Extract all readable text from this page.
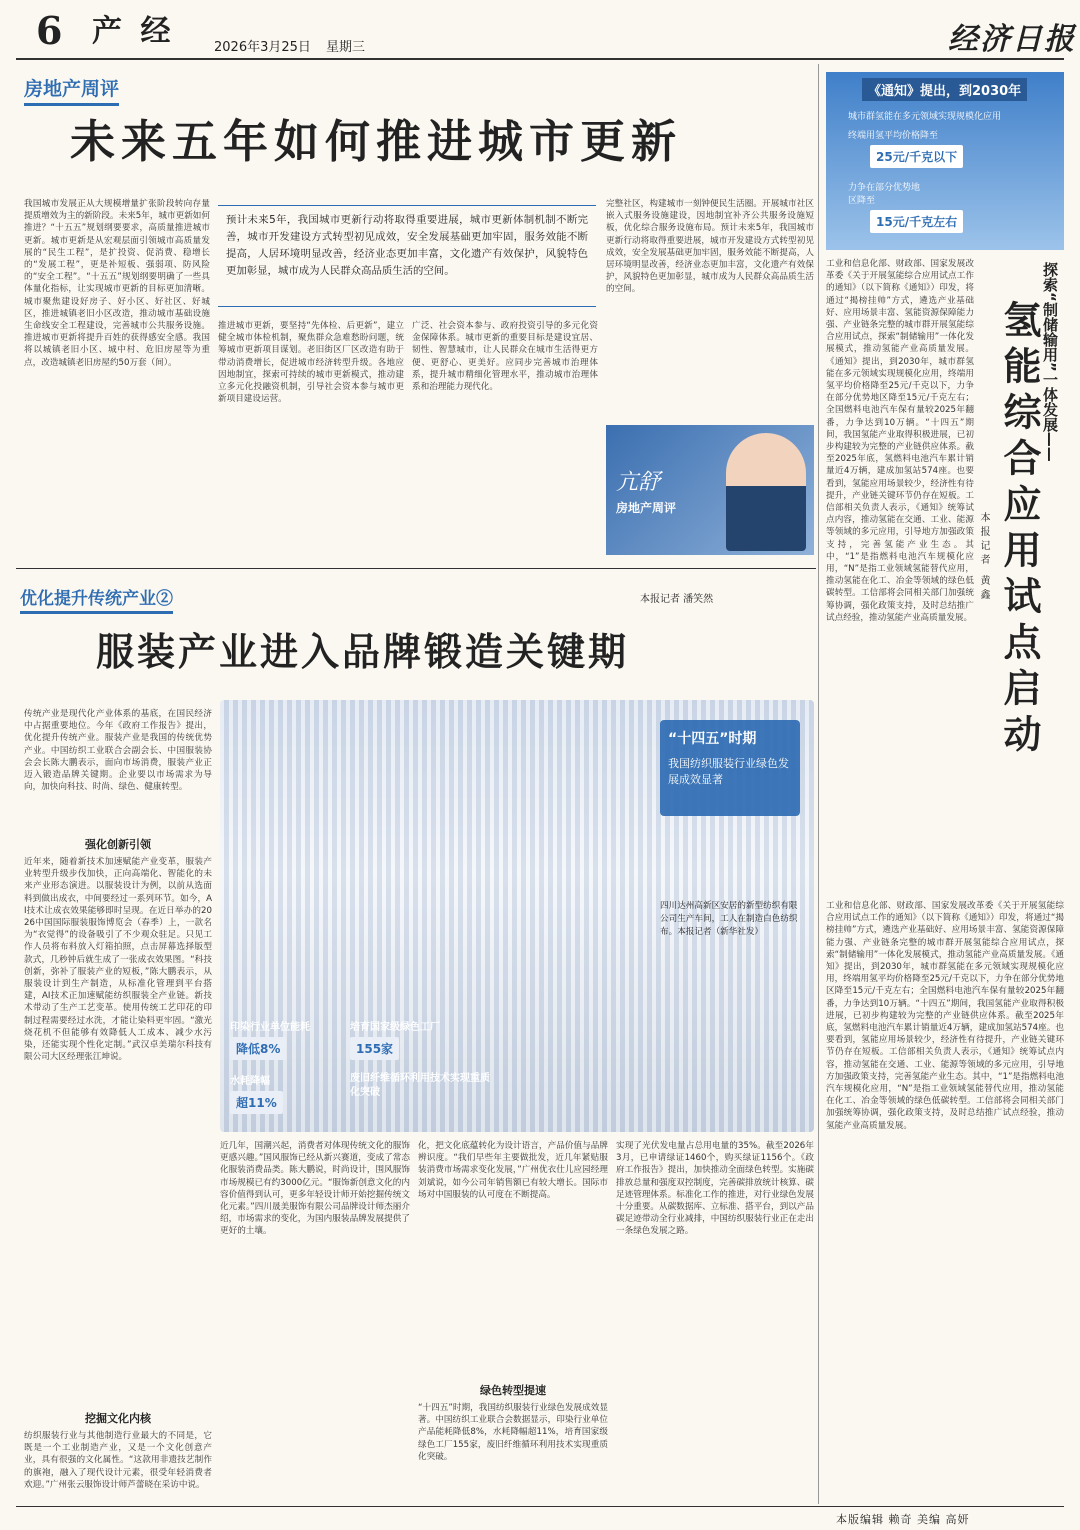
6 产 经	2026年3月25日 星期三	经济日报
房地产周评
未来五年如何推进城市更新
预计未来5年，我国城市更新行动将取得重要进展，城市更新体制机制不断完善，城市开发建设方式转型初见成效，安全发展基础更加牢固，服务效能不断提高，人居环境明显改善，经济业态更加丰富，文化遗产有效保护，风貌特色更加彰显，城市成为人民群众高品质生活的空间。
我国城市发展正从大规模增量扩张阶段转向存量提质增效为主的新阶段。未来5年，城市更新如何推进？“十五五”规划纲要要求，高质量推进城市更新。城市更新是从宏观层面引领城市高质量发展的“民生工程”，是扩投资、促消费、稳增长的“发展工程”，更是补短板、强弱项、防风险的“安全工程”。“十五五”规划纲要明确了一些具体量化指标，让实现城市更新的目标更加清晰。城市聚焦建设好房子、好小区、好社区、好城区，推进城镇老旧小区改造，推动城市基础设施生命线安全工程建设，完善城市公共服务设施。推进城市更新将提升百姓的获得感安全感。我国将以城镇老旧小区、城中村、危旧房屋等为重点，改造城镇老旧房屋约50万套（间）。
推进城市更新，要坚持“先体检、后更新”，建立健全城市体检机制，聚焦群众急难愁盼问题，统筹城市更新项目谋划。老旧街区厂区改造有助于带动消费增长，促进城市经济转型升级。各地应因地制宜，探索可持续的城市更新模式，推动建立多元化投融资机制，引导社会资本参与城市更新项目建设运营。
广泛、社会资本参与、政府投资引导的多元化资金保障体系。城市更新的重要目标是建设宜居、韧性、智慧城市，让人民群众在城市生活得更方便、更舒心、更美好。应同步完善城市治理体系，提升城市精细化管理水平，推动城市治理体系和治理能力现代化。
完整社区，构建城市一刻钟便民生活圈。开展城市社区嵌入式服务设施建设，因地制宜补齐公共服务设施短板，优化综合服务设施布局。预计未来5年，我国城市更新行动将取得重要进展，城市开发建设方式转型初见成效，安全发展基础更加牢固，服务效能不断提高，人居环境明显改善，经济业态更加丰富，文化遗产有效保护，风貌特色更加彰显，城市成为人民群众高品质生活的空间。
亢舒
房地产周评
优化提升传统产业②	本报记者 潘笑然
服装产业进入品牌锻造关键期
传统产业是现代化产业体系的基底，在国民经济中占据重要地位。今年《政府工作报告》提出，优化提升传统产业。服装产业是我国的传统优势产业。中国纺织工业联合会副会长、中国服装协会会长陈大鹏表示，面向市场消费，服装产业正迈入锻造品牌关键期。企业要以市场需求为导向，加快向科技、时尚、绿色、健康转型。
强化创新引领
近年来，随着新技术加速赋能产业变革，服装产业转型升级步伐加快，正向高端化、智能化的未来产业形态演进。以服装设计为例，以前从选面料到做出成衣，中间要经过一系列环节。如今，AI技术让成衣效果能够即时呈现。在近日举办的2026中国国际服装服饰博览会（春季）上，一款名为“衣觉得”的设备吸引了不少观众驻足。只见工作人员将布料放入灯箱拍照，点击屏幕选择版型款式，几秒钟后就生成了一张成衣效果图。“科技创新，弥补了服装产业的短板，”陈大鹏表示，从服装设计到生产制造，从标准化管理到平台搭建，AI技术正加速赋能纺织服装全产业链。新技术带动了生产工艺变革。使用传统工艺印花的印制过程需要经过水洗，才能让染料更牢固。“激光烧花机不但能够有效降低人工成本、减少水污染，还能实现个性化定制。”武汉卓美瑞尔科技有限公司大区经理张江坤说。
挖掘文化内核
纺织服装行业与其他制造行业最大的不同是，它既是一个工业制造产业，又是一个文化创意产业，具有很强的文化属性。“这款用非遗技艺制作的旗袍，融入了现代设计元素，很受年轻消费者欢迎。”广州张云服饰设计师芦蕾晓在采访中说。
“十四五”时期
我国纺织服装行业绿色发展成效显著
四川达州高新区安居的新型纺织有限公司生产车间，工人在制造白色纺织布。本报记者（新华社发）
印染行业单位能耗
降低8%
培育国家级绿色工厂
155家
水耗降幅
超11%
废旧纤维循环利用技术实现重质化突破
近几年，国潮兴起，消费者对体现传统文化的服饰更感兴趣。”国风服饰已经从新兴赛道，变成了常态化服装消费品类。陈大鹏说，时尚设计，围风服饰市场规模已有约3000亿元。“服饰新创意文化的内容价值得到认可，更多年轻设计师开始挖掘传统文化元素。”四川晟美服饰有限公司品牌设计师杰丽介绍，市场需求的变化，为国内服装品牌发展提供了更好的土壤。
化，把文化底蕴转化为设计语言，产品价值与品牌辨识度。“我们早些年主要做批发，近几年紧贴服装消费市场需求变化发展，”广州优衣仕儿应园经理刘斌说，如今公司年销售额已有较大增长。国际市场对中国服装的认可度在不断提高。
绿色转型提速
“十四五”时期，我国纺织服装行业绿色发展成效显著。中国纺织工业联合会数据显示，印染行业单位产品能耗降低8%，水耗降幅超11%，培育国家级绿色工厂155家，废旧纤维循环利用技术实现重质化突破。
实现了光伏发电量占总用电量的35%。截至2026年3月，已申请绿证1460个，购买绿证1156个。《政府工作报告》提出，加快推动全面绿色转型。实施碳排放总量和强度双控制度，完善碳排放统计核算、碳足迹管理体系。标准化工作的推进，对行业绿色发展十分重要。从碳数据库、立标准、搭平台，到以产品碳足迹带动全行业减排，中国纺织服装行业正在走出一条绿色发展之路。
《通知》提出，到2030年
城市群氢能在多元领域实现规模化应用
终端用氢平均价格降至
25元/千克以下
力争在部分优势地区降至
15元/千克左右
工业和信息化部、财政部、国家发展改革委《关于开展氢能综合应用试点工作的通知》（以下简称《通知》）印发，将通过“揭榜挂帅”方式，遴选产业基础好、应用场景丰富、氢能资源保障能力强、产业链条完整的城市群开展氢能综合应用试点，探索“制储输用”一体化发展模式，推动氢能产业高质量发展。《通知》提出，到2030年，城市群氢能在多元领域实现规模化应用，终端用氢平均价格降至25元/千克以下，力争在部分优势地区降至15元/千克左右；全国燃料电池汽车保有量较2025年翻番，力争达到10万辆。“十四五”期间，我国氢能产业取得积极进展，已初步构建较为完整的产业链供应体系。截至2025年底，氢燃料电池汽车累计销量近4万辆，建成加氢站574座。也要看到，氢能应用场景较少，经济性有待提升，产业链关键环节仍存在短板。工信部相关负责人表示，《通知》统筹试点内容，推动氢能在交通、工业、能源等领域的多元应用，引导地方加强政策支持，完善氢能产业生态。其中，“1”是指燃料电池汽车规模化应用，“N”是指工业领域氢能替代应用，推动氢能在化工、冶金等领域的绿色低碳转型。工信部将会同相关部门加强统筹协调，强化政策支持，及时总结推广试点经验，推动氢能产业高质量发展。
工业和信息化部、财政部、国家发展改革委《关于开展氢能综合应用试点工作的通知》（以下简称《通知》）印发，将通过“揭榜挂帅”方式，遴选产业基础好、应用场景丰富、氢能资源保障能力强、产业链条完整的城市群开展氢能综合应用试点，探索“制储输用”一体化发展模式，推动氢能产业高质量发展。《通知》提出，到2030年，城市群氢能在多元领域实现规模化应用，终端用氢平均价格降至25元/千克以下，力争在部分优势地区降至15元/千克左右；全国燃料电池汽车保有量较2025年翻番，力争达到10万辆。“十四五”期间，我国氢能产业取得积极进展，已初步构建较为完整的产业链供应体系。截至2025年底，氢燃料电池汽车累计销量近4万辆，建成加氢站574座。也要看到，氢能应用场景较少，经济性有待提升，产业链关键环节仍存在短板。工信部相关负责人表示，《通知》统筹试点内容，推动氢能在交通、工业、能源等领域的多元应用，引导地方加强政策支持，完善氢能产业生态。其中，“1”是指燃料电池汽车规模化应用，“N”是指工业领域氢能替代应用，推动氢能在化工、冶金等领域的绿色低碳转型。工信部将会同相关部门加强统筹协调，强化政策支持，及时总结推广试点经验，推动氢能产业高质量发展。
探索“制储输用”一体发展——
氢能综合应用试点启动
本报记者 黄鑫
本版编辑 赖奇 美编 高妍
